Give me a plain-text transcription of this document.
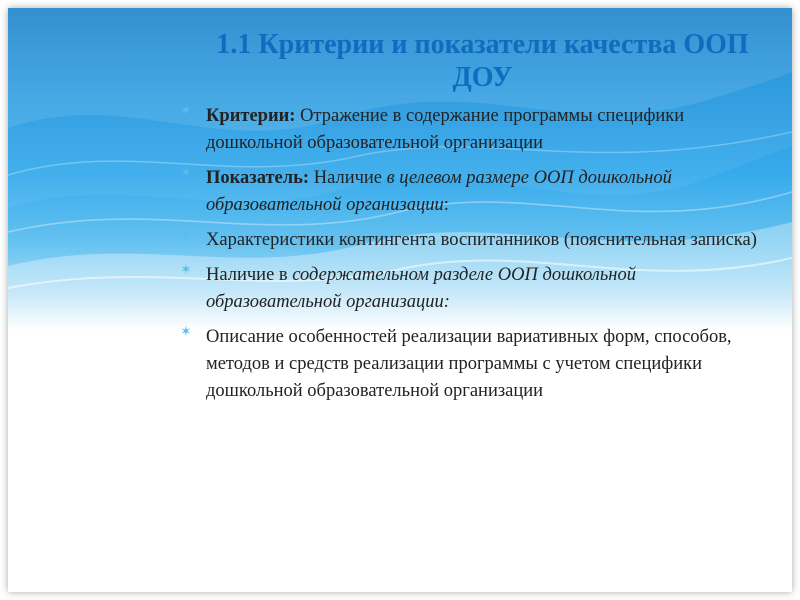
1.1 Критерии и показатели качества ООП
ДОУ
✶ Критерии: Отражение в содержание программы специфики дошкольной образовательной организации
✶ Показатель: Наличие в целевом размере ООП дошкольной образовательной организации:
✶ Характеристики контингента воспитанников (пояснительная записка)
✶ Наличие в содержательном разделе ООП дошкольной образовательной организации:
✶ Описание особенностей реализации вариативных форм, способов, методов и средств реализации программы с учетом специфики дошкольной образовательной организации
